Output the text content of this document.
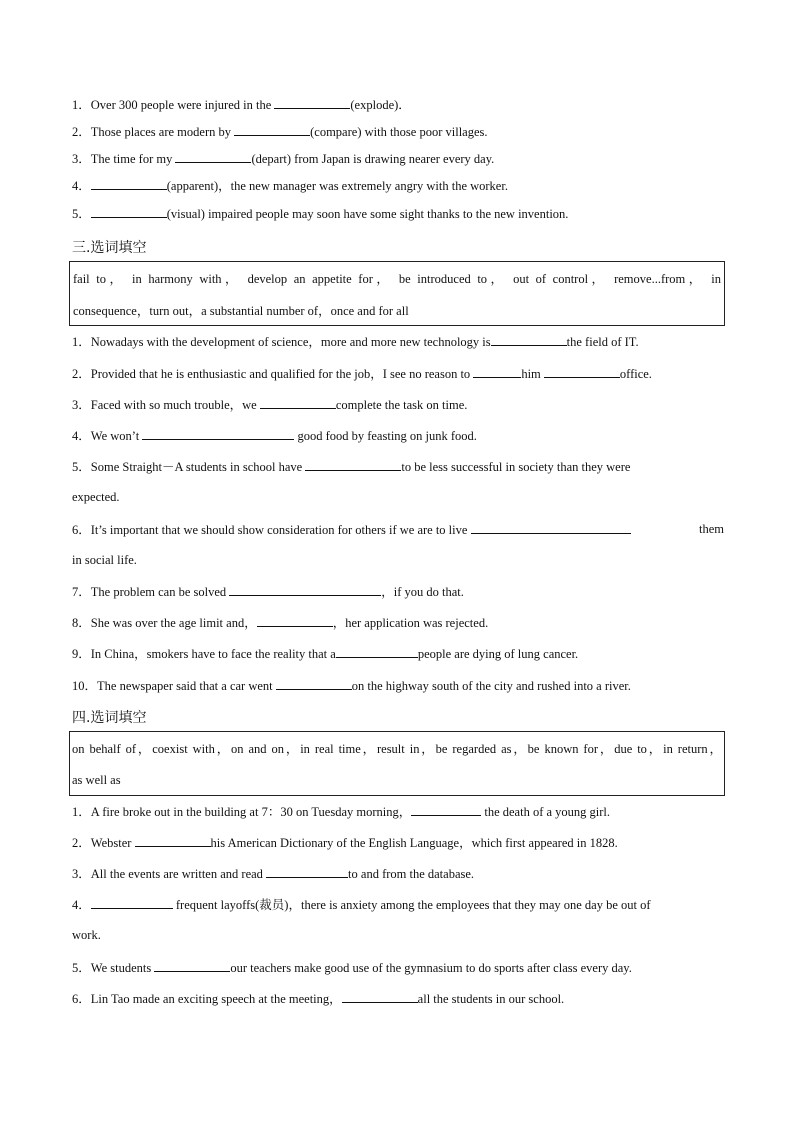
1．Over 300 people were injured in the	(explode)．
2．Those places are modern by	(compare) with those poor villages.
3．The time for my	(depart) from Japan is drawing nearer every day.
4．	(apparent)，the new manager was extremely angry with the worker.
5．	(visual) impaired people may soon have some sight thanks to the new invention.
三.选词填空
fail to， in harmony with， develop an appetite for， be introduced to， out of control， remove...from， in
consequence，turn out，a substantial number of，once and for all
1．Nowadays with the development of science，more and more new technology is	the field of IT.
2．Provided that he is enthusiastic and qualified for the job，I see no reason to	him	office.
3．Faced with so much trouble，we	complete the task on time.
4．We won’t	good food by feasting on junk food.
5．Some Straight－A students in school have	to be less successful in society than they were
expected.
6．It’s important that we should show consideration for others if we are to live	them
in social life.
7．The problem can be solved	，if you do that.
8．She was over the age limit and，	，her application was rejected.
9．In China，smokers have to face the reality that a	people are dying of lung cancer.
10．The newspaper said that a car went	on the highway south of the city and rushed into a river.
四.选词填空
on behalf of，coexist with，on and on，in real time，result in，be regarded as，be known for，due to，in return，
as well as
1．A fire broke out in the building at 7：30 on Tuesday morning，	the death of a young girl.
2．Webster	his American Dictionary of the English Language，which first appeared in 1828.
3．All the events are written and read	to and from the database.
4．	frequent layoffs(裁员)，there is anxiety among the employees that they may one day be out of
work.
5．We students	our teachers make good use of the gymnasium to do sports after class every day.
6．Lin Tao made an exciting speech at the meeting，	all the students in our school.
